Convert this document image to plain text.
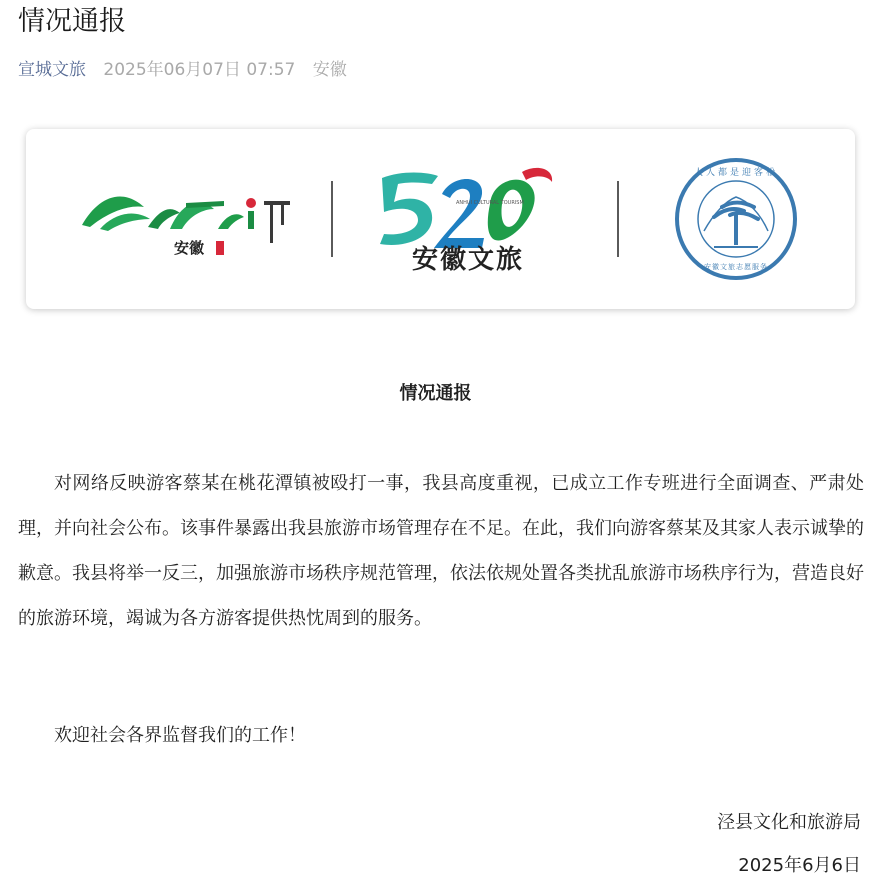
情况通报
宣城文旅 2025年06月07日 07:57 安徽
安徽
ANHUI CULTURAL TOURISM
安徽文旅
人人都是迎客松
安徽文旅志愿服务
情况通报

对网络反映游客蔡某在桃花潭镇被殴打一事，我县高度重视，已成立工作专班进行全面调查、严肃处理，并向社会公布。该事件暴露出我县旅游市场管理存在不足。在此，我们向游客蔡某及其家人表示诚挚的歉意。我县将举一反三，加强旅游市场秩序规范管理，依法依规处置各类扰乱旅游市场秩序行为，营造良好的旅游环境，竭诚为各方游客提供热忱周到的服务。

欢迎社会各界监督我们的工作！

泾县文化和旅游局
2025年6月6日
